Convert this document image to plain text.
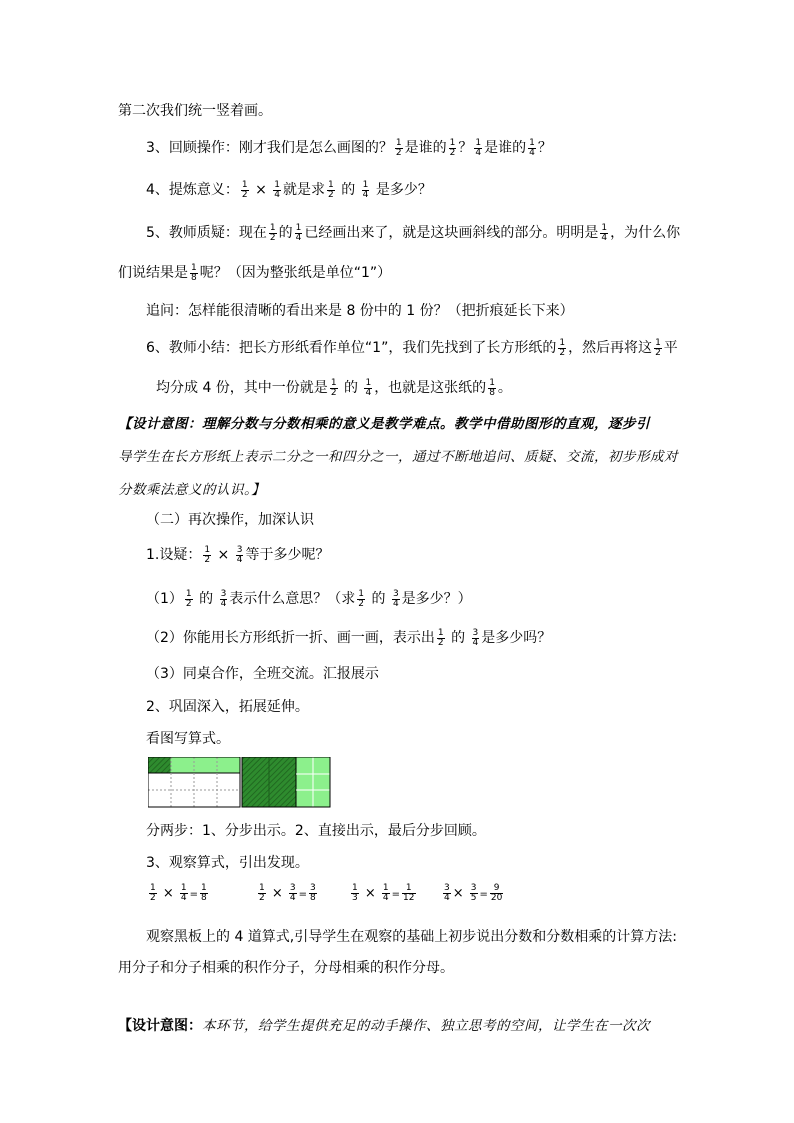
第二次我们统一竖着画。
3、回顾操作：刚才我们是怎么画图的？ $\frac{1}{2}$ 是谁的 $\frac{1}{2}$ ？ $\frac{1}{4}$ 是谁的 $\frac{1}{4}$ ？
4、提炼意义： $\frac{1}{2} \times \frac{1}{4}$ 就是求 $\frac{1}{2}$ 的 $\frac{1}{4}$ 是多少？
5、教师质疑：现在 $\frac{1}{2}$ 的 $\frac{1}{4}$ 已经画出来了，就是这块画斜线的部分。明明是 $\frac{1}{4}$ ，为什么你
们说结果是 $\frac{1}{8}$ 呢？（因为整张纸是单位“1”）
追问：怎样能很清晰的看出来是 8 份中的 1 份？（把折痕延长下来）
6、教师小结：把长方形纸看作单位“1”，我们先找到了长方形纸的 $\frac{1}{2}$ ，然后再将这 $\frac{1}{2}$ 平
均分成 4 份，其中一份就是 $\frac{1}{2}$ 的 $\frac{1}{4}$ ，也就是这张纸的 $\frac{1}{8}$ 。
【设计意图：理解分数与分数相乘的意义是教学难点。教学中借助图形的直观，逐步引
导学生在长方形纸上表示二分之一和四分之一，通过不断地追问、质疑、交流，初步形成对
分数乘法意义的认识。】
（二）再次操作，加深认识
1.设疑： $\frac{1}{2} \times \frac{3}{4}$ 等于多少呢？
$(1) \frac{1}{2}$ 的 $\frac{3}{4}$ 表示什么意思？（求 $\frac{1}{2}$ 的 $\frac{3}{4}$ 是多少？）
（2）你能用长方形纸折一折、画一画，表示出 $\frac{1}{2}$ 的 $\frac{3}{4}$ 是多少吗？
（3）同桌合作，全班交流。汇报展示
2、巩固深入，拓展延伸。
看图写算式。
分两步：1、分步出示。2、直接出示，最后分步回顾。
3、观察算式，引出发现。
$\frac{1}{2} \times \frac{1}{4} = \frac{1}{8}$	$\frac{1}{2} \times \frac{3}{4} = \frac{3}{8}$	$\frac{1}{3} \times \frac{1}{4} = \frac{1}{12}$	$\frac{3}{4} \times \frac{3}{5} = \frac{9}{20}$
观察黑板上的 4 道算式,引导学生在观察的基础上初步说出分数和分数相乘的计算方法:
用分子和分子相乘的积作分子，分母相乘的积作分母。
【设计意图：本环节，给学生提供充足的动手操作、独立思考的空间，让学生在一次次
